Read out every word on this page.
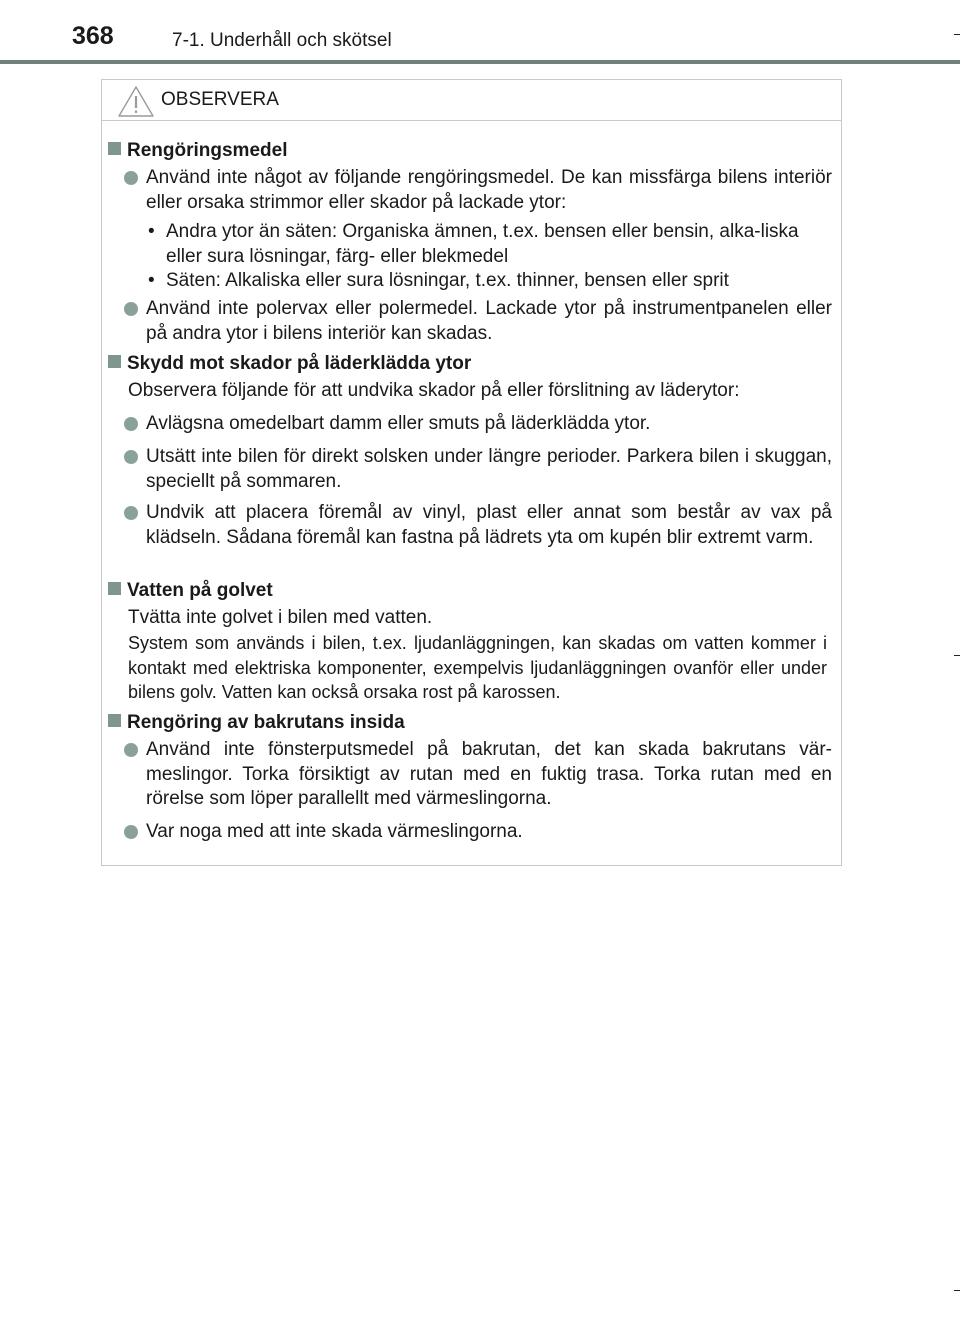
368	7-1. Underhåll och skötsel
OBSERVERA
Rengöringsmedel
Använd inte något av följande rengöringsmedel. De kan missfärga bilens interiör eller orsaka strimmor eller skador på lackade ytor:
• Andra ytor än säten: Organiska ämnen, t.ex. bensen eller bensin, alka-liska eller sura lösningar, färg- eller blekmedel
• Säten: Alkaliska eller sura lösningar, t.ex. thinner, bensen eller sprit
Använd inte polervax eller polermedel. Lackade ytor på instrumentpanelen eller på andra ytor i bilens interiör kan skadas.
Skydd mot skador på läderklädda ytor
Observera följande för att undvika skador på eller förslitning av läderytor:
Avlägsna omedelbart damm eller smuts på läderklädda ytor.
Utsätt inte bilen för direkt solsken under längre perioder. Parkera bilen i skuggan, speciellt på sommaren.
Undvik att placera föremål av vinyl, plast eller annat som består av vax på klädseln. Sådana föremål kan fastna på lädrets yta om kupén blir extremt varm.
Vatten på golvet
Tvätta inte golvet i bilen med vatten.
System som används i bilen, t.ex. ljudanläggningen, kan skadas om vatten kommer i kontakt med elektriska komponenter, exempelvis ljudanläggningen ovanför eller under bilens golv. Vatten kan också orsaka rost på karossen.
Rengöring av bakrutans insida
Använd inte fönsterputsmedel på bakrutan, det kan skada bakrutans vär-meslingor. Torka försiktigt av rutan med en fuktig trasa. Torka rutan med en rörelse som löper parallellt med värmeslingorna.
Var noga med att inte skada värmeslingorna.
